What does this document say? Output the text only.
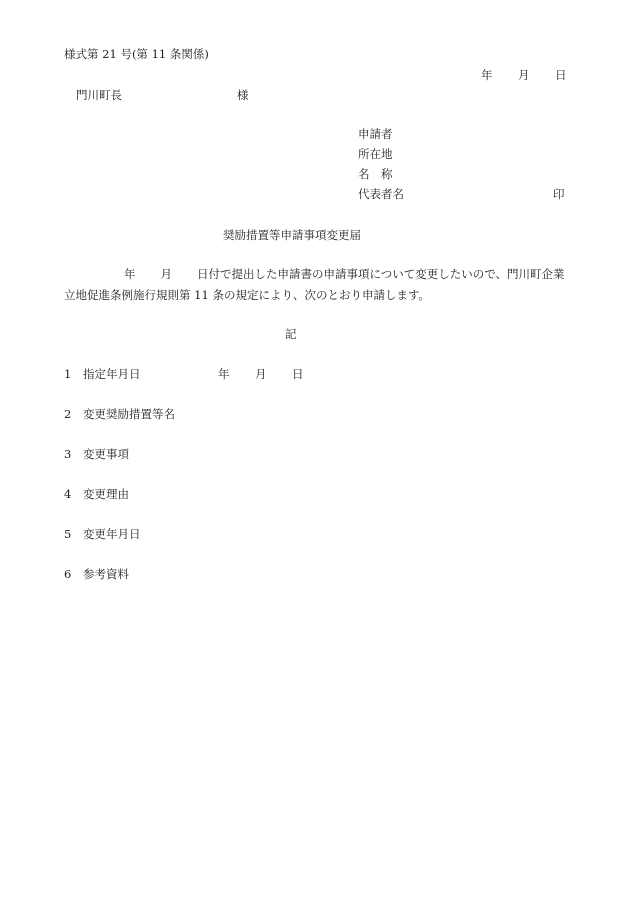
様式第 21 号(第 11 条関係)
年 月 日
門川町長	様
申請者
所在地
名　称
代表者名	印
奨励措置等申請事項変更届
年 月 日付で提出した申請書の申請事項について変更したいので、門川町企業立地促進条例施行規則第 11 条の規定により、次のとおり申請します。
記
1 指定年月日	年 月 日
2 変更奨励措置等名
3 変更事項
4 変更理由
5 変更年月日
6 参考資料
